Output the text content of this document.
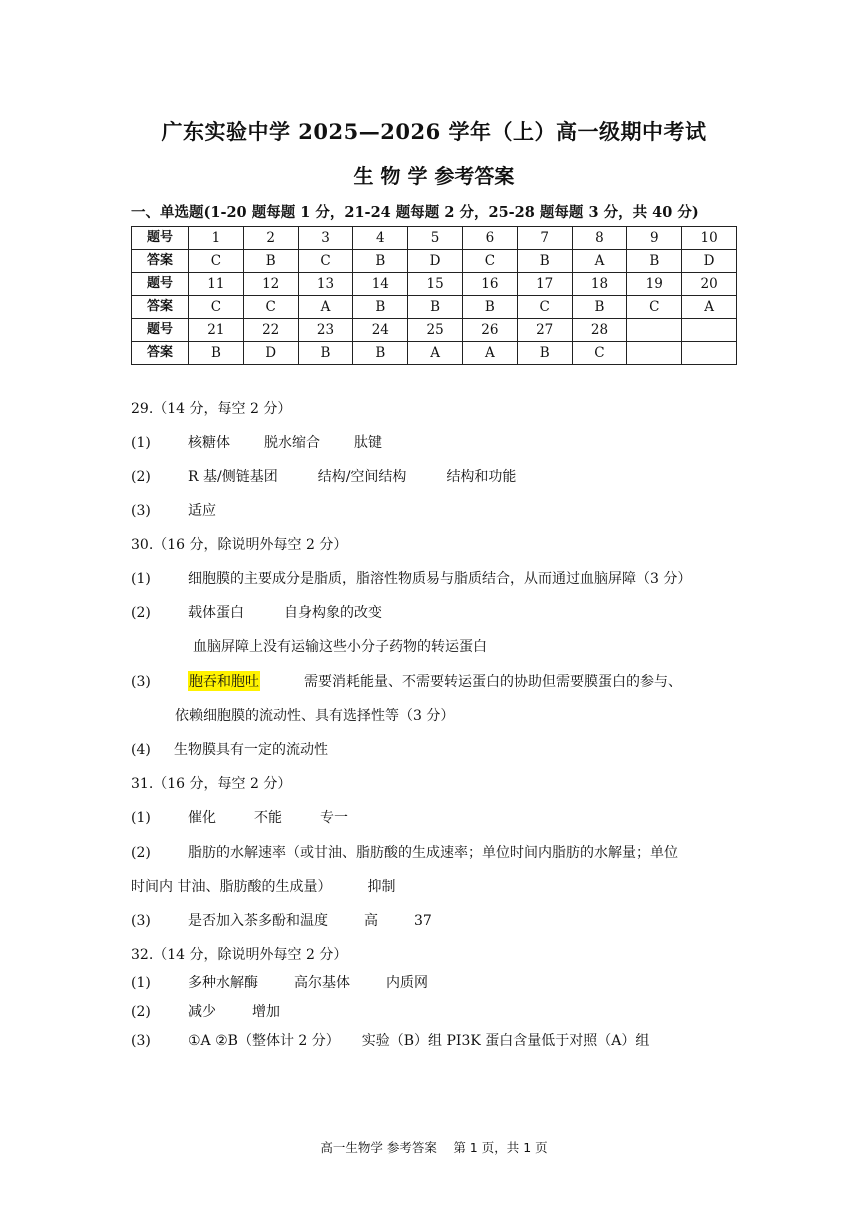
广东实验中学 2025—2026 学年（上）高一级期中考试
生 物 学 参考答案
一、单选题(1-20 题每题 1 分，21-24 题每题 2 分，25-28 题每题 3 分，共 40 分)
题号	1	2	3	4	5	6	7	8	9	10
答案	C	B	C	B	D	C	B	A	B	D
题号	11	12	13	14	15	16	17	18	19	20
答案	C	C	A	B	B	B	C	B	C	A
题号	21	22	23	24	25	26	27	28		
答案	B	D	B	B	A	A	B	C		
29.（14 分，每空 2 分）
(1)	核糖体 脱水缩合 肽键
(2)	R 基/侧链基团	结构/空间结构	结构和功能
(3)	适应
30.（16 分，除说明外每空 2 分）
(1)	细胞膜的主要成分是脂质，脂溶性物质易与脂质结合，从而通过血脑屏障（3 分）
(2)	载体蛋白	自身构象的改变
血脑屏障上没有运输这些小分子药物的转运蛋白
(3)	胞吞和胞吐	需要消耗能量、不需要转运蛋白的协助但需要膜蛋白的参与、
依赖细胞膜的流动性、具有选择性等（3 分）
(4) 生物膜具有一定的流动性
31.（16 分，每空 2 分）
(1)	催化	不能	专一
(2)	脂肪的水解速率（或甘油、脂肪酸的生成速率；单位时间内脂肪的水解量；单位
时间内 甘油、脂肪酸的生成量）	抑制
(3)	是否加入茶多酚和温度	高	37
32.（14 分，除说明外每空 2 分）
(1)	多种水解酶	高尔基体	内质网
(2)	减少	增加
(3)	①A ②B（整体计 2 分） 实验（B）组 PI3K 蛋白含量低于对照（A）组
高一生物学 参考答案　 第 1 页，共 1 页
